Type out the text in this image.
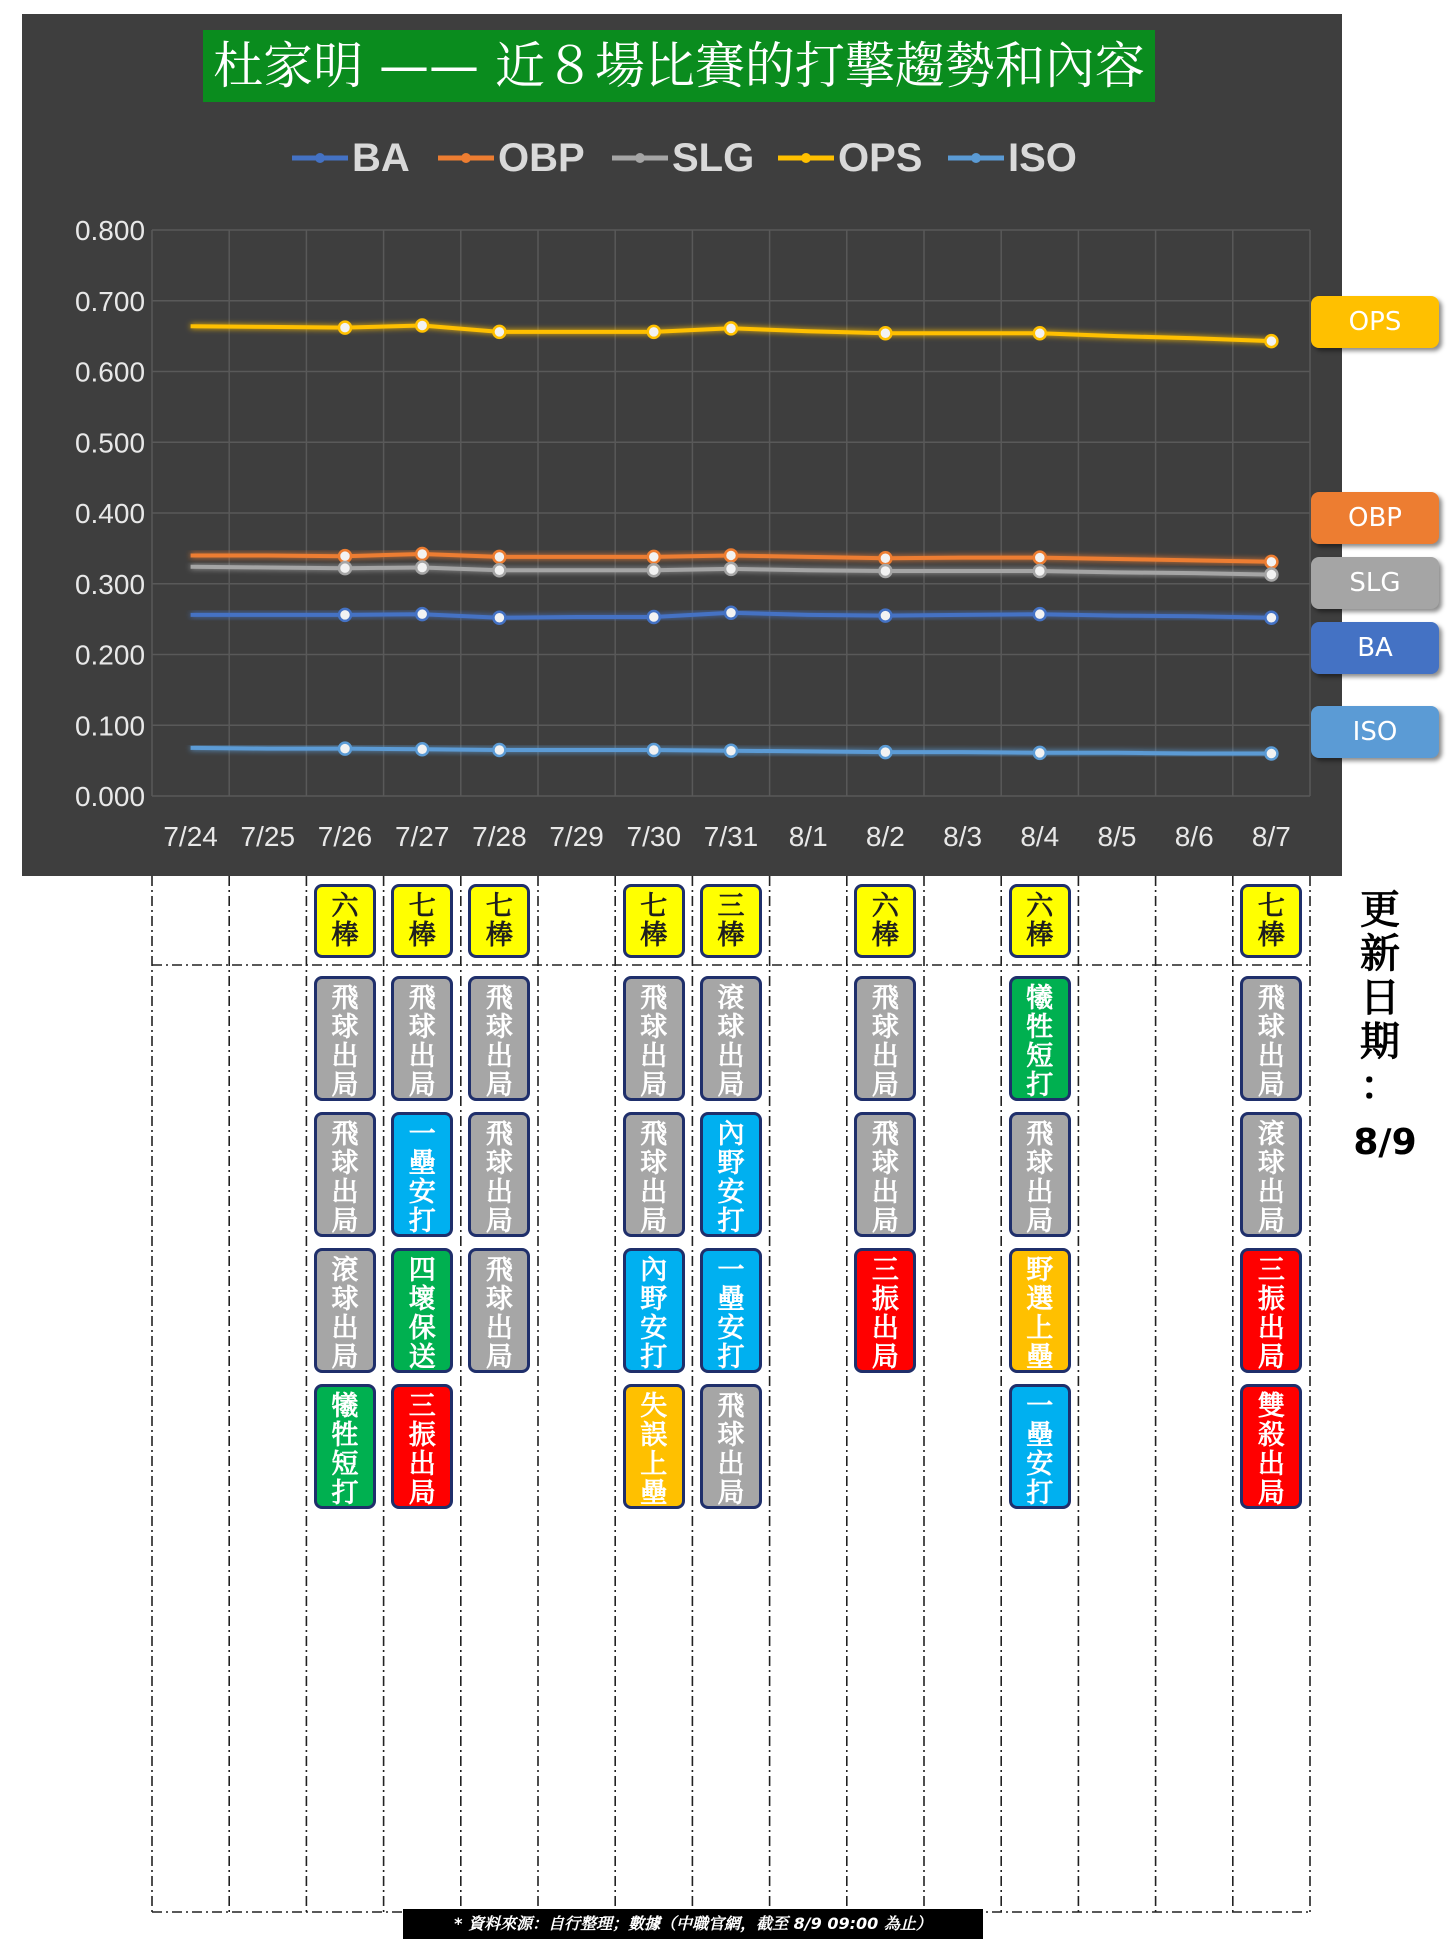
BA OBP SLG OPS ISO
0.000
0.100
0.200
0.300
0.400
0.500
0.600
0.700
0.800
7/24 7/25 7/26 7/27 7/28 7/29 7/30 7/31 8/1 8/2 8/3 8/4 8/5 8/6 8/7
杜家明 —— 近８場比賽的打擊趨勢和內容
OPS
OBP
SLG
BA
ISO
六
棒
飛
球
出
局
飛
球
出
局
滾
球
出
局
犧
牲
短
打
七
棒
飛
球
出
局
一
壘
安
打
四
壞
保
送
三
振
出
局
七
棒
飛
球
出
局
飛
球
出
局
飛
球
出
局
七
棒
飛
球
出
局
飛
球
出
局
內
野
安
打
失
誤
上
壘
三
棒
滾
球
出
局
內
野
安
打
一
壘
安
打
飛
球
出
局
六
棒
飛
球
出
局
飛
球
出
局
三
振
出
局
六
棒
犧
牲
短
打
飛
球
出
局
野
選
上
壘
一
壘
安
打
七
棒
飛
球
出
局
滾
球
出
局
三
振
出
局
雙
殺
出
局
更
新
日
期
：
8/9
* 資料來源：自行整理；數據（中職官網，截至 8/9 09:00 為止）
